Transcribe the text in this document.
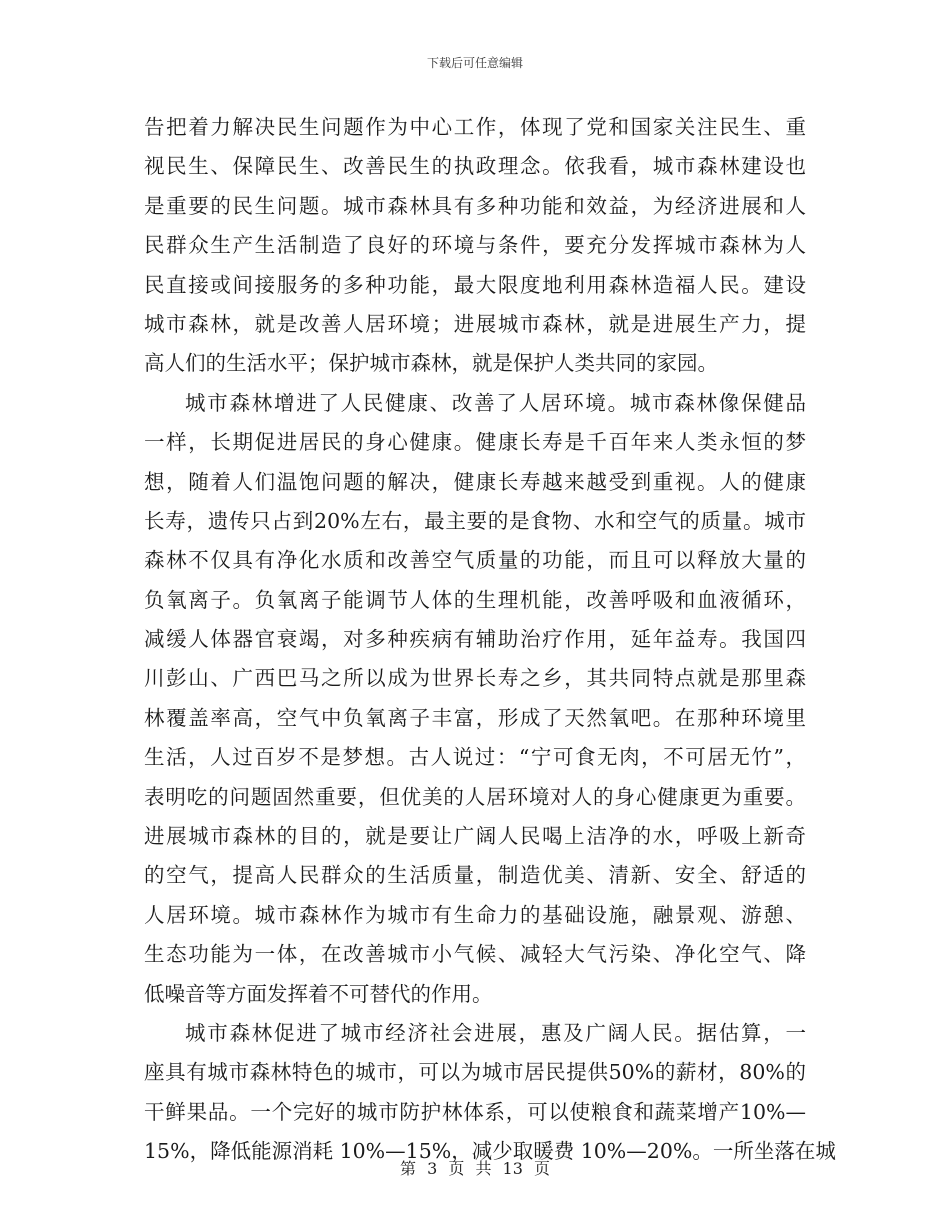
下载后可任意编辑
告把着力解决民生问题作为中心工作，体现了党和国家关注民生、重
视民生、保障民生、改善民生的执政理念。依我看，城市森林建设也
是重要的民生问题。城市森林具有多种功能和效益，为经济进展和人
民群众生产生活制造了良好的环境与条件，要充分发挥城市森林为人
民直接或间接服务的多种功能，最大限度地利用森林造福人民。建设
城市森林，就是改善人居环境；进展城市森林，就是进展生产力，提
高人们的生活水平；保护城市森林，就是保护人类共同的家园。
城市森林增进了人民健康、改善了人居环境。城市森林像保健品
一样，长期促进居民的身心健康。健康长寿是千百年来人类永恒的梦
想，随着人们温饱问题的解决，健康长寿越来越受到重视。人的健康
长寿，遗传只占到20%左右，最主要的是食物、水和空气的质量。城市
森林不仅具有净化水质和改善空气质量的功能，而且可以释放大量的
负氧离子。负氧离子能调节人体的生理机能，改善呼吸和血液循环，
减缓人体器官衰竭，对多种疾病有辅助治疗作用，延年益寿。我国四
川彭山、广西巴马之所以成为世界长寿之乡，其共同特点就是那里森
林覆盖率高，空气中负氧离子丰富，形成了天然氧吧。在那种环境里
生活，人过百岁不是梦想。古人说过：“宁可食无肉，不可居无竹”，
表明吃的问题固然重要，但优美的人居环境对人的身心健康更为重要。
进展城市森林的目的，就是要让广阔人民喝上洁净的水，呼吸上新奇
的空气，提高人民群众的生活质量，制造优美、清新、安全、舒适的
人居环境。城市森林作为城市有生命力的基础设施，融景观、游憩、
生态功能为一体，在改善城市小气候、减轻大气污染、净化空气、降
低噪音等方面发挥着不可替代的作用。
城市森林促进了城市经济社会进展，惠及广阔人民。据估算，一
座具有城市森林特色的城市，可以为城市居民提供50%的薪材，80%的
干鲜果品。一个完好的城市防护林体系，可以使粮食和蔬菜增产10%—
15%，降低能源消耗 10%—15%，减少取暖费 10%—20%。一所坐落在城
第 3 页 共 13 页
